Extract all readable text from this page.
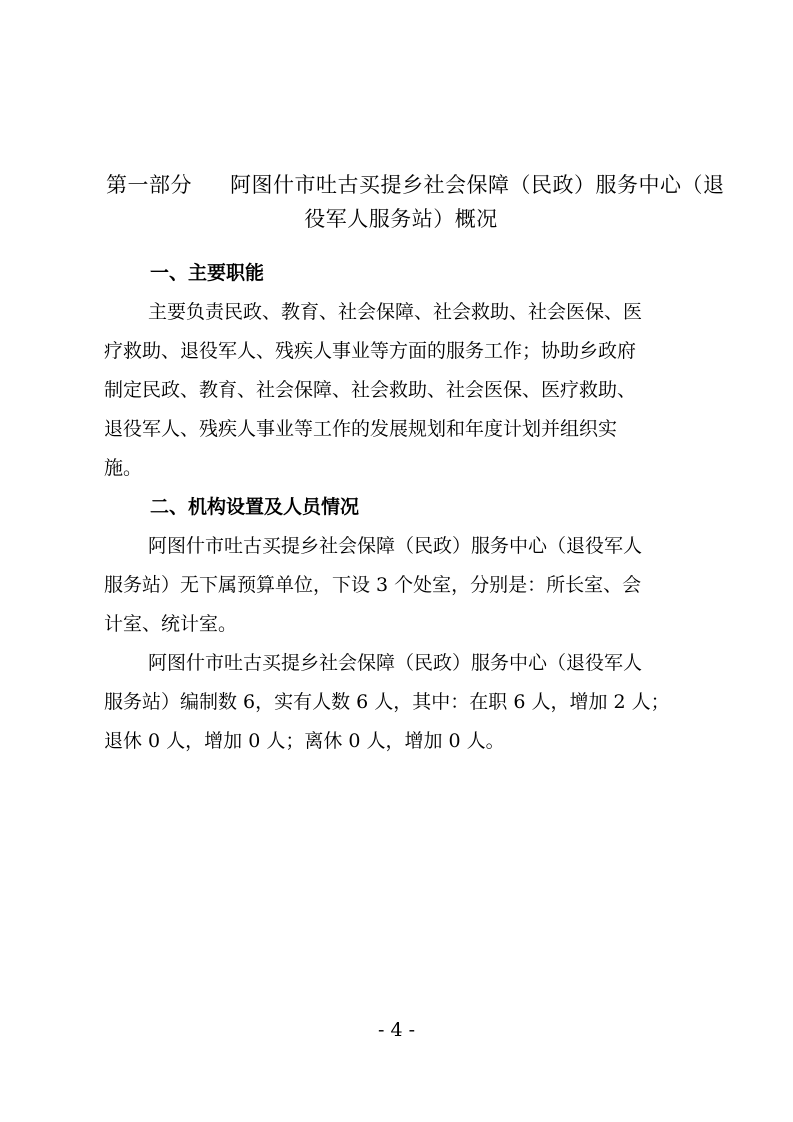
第一部分 阿图什市吐古买提乡社会保障（民政）服务中心（退
役军人服务站）概况
一、主要职能
主要负责民政、教育、社会保障、社会救助、社会医保、医
疗救助、退役军人、残疾人事业等方面的服务工作；协助乡政府
制定民政、教育、社会保障、社会救助、社会医保、医疗救助、
退役军人、残疾人事业等工作的发展规划和年度计划并组织实
施。
二、机构设置及人员情况
阿图什市吐古买提乡社会保障（民政）服务中心（退役军人
服务站）无下属预算单位，下设 3 个处室，分别是：所长室、会
计室、统计室。
阿图什市吐古买提乡社会保障（民政）服务中心（退役军人
服务站）编制数 6，实有人数 6 人，其中：在职 6 人，增加 2 人；
退休 0 人，增加 0 人；离休 0 人，增加 0 人。
- 4 -
